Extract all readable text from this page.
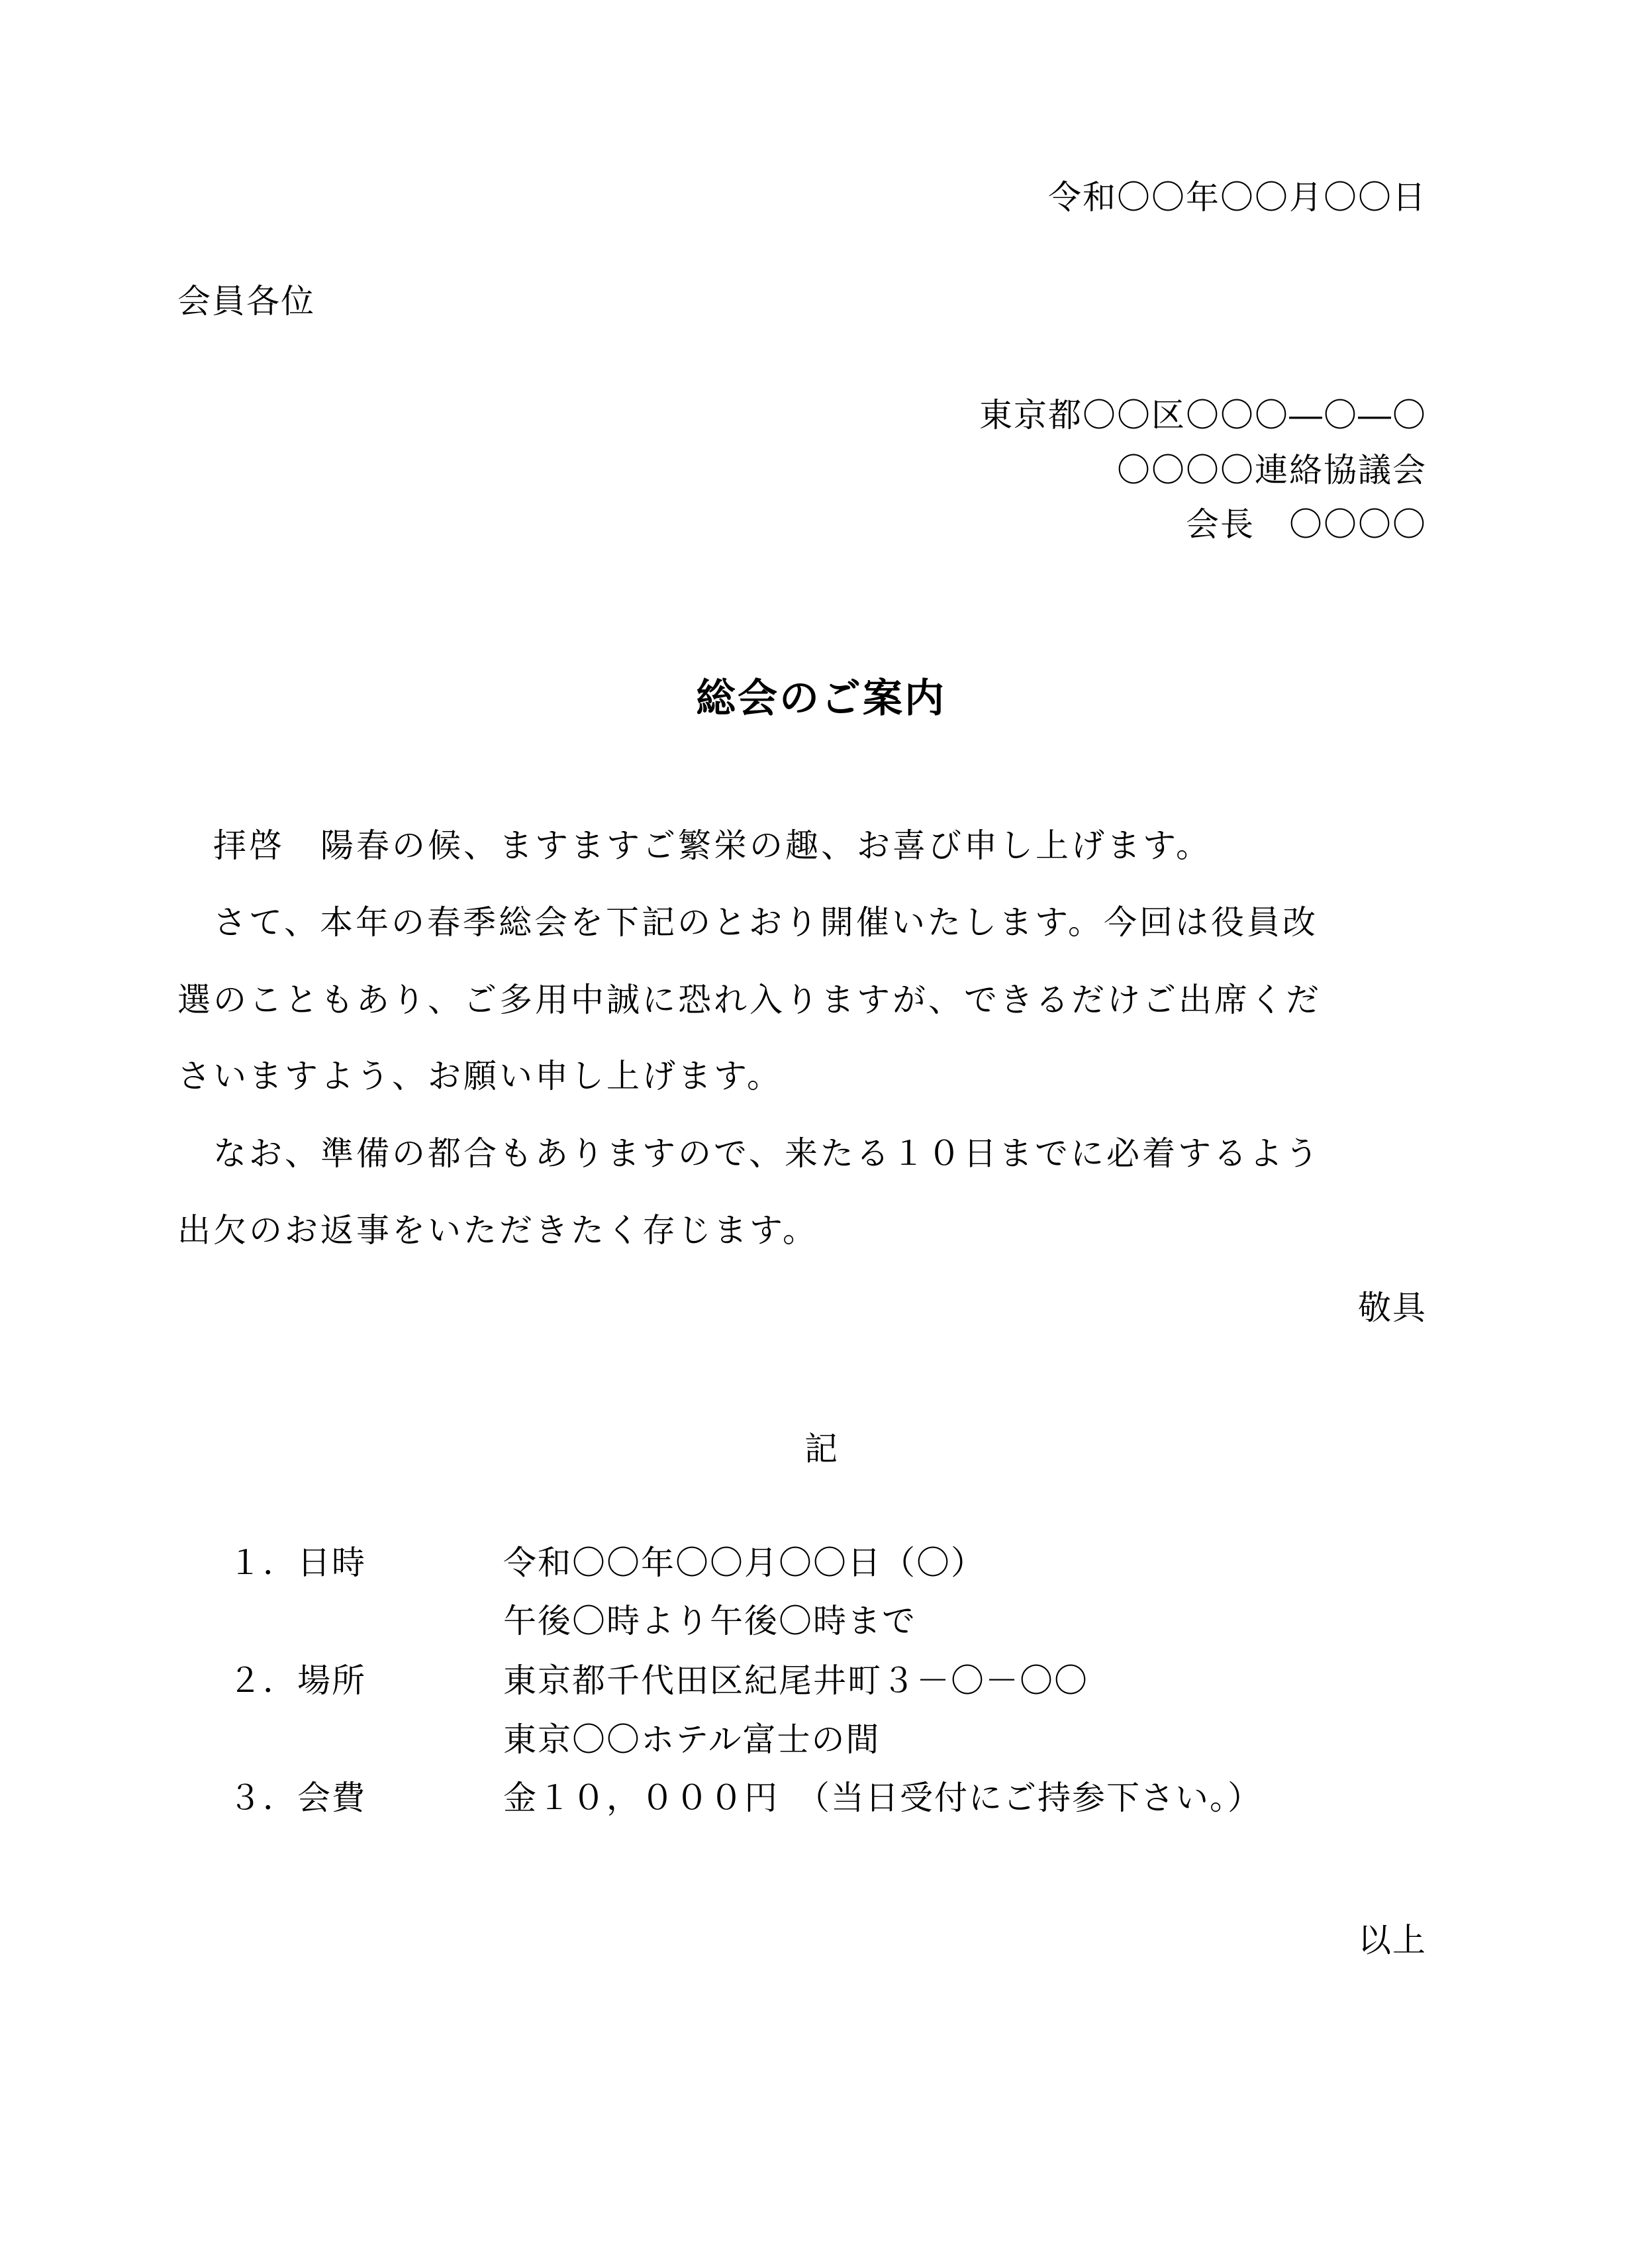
令和〇〇年〇〇月〇〇日
会員各位
東京都〇〇区〇〇〇―〇―〇
〇〇〇〇連絡協議会
会長　〇〇〇〇
総会のご案内
　拝啓　陽春の候、ますますご繁栄の趣、お喜び申し上げます。
　さて、本年の春季総会を下記のとおり開催いたします。今回は役員改
選のこともあり、ご多用中誠に恐れ入りますが、できるだけご出席くだ
さいますよう、お願い申し上げます。
　なお、準備の都合もありますので、来たる１０日までに必着するよう
出欠のお返事をいただきたく存じます。
敬具
記
１．日時	令和〇〇年〇〇月〇〇日（〇）
午後〇時より午後〇時まで
２．場所	東京都千代田区紀尾井町３－〇－〇〇
東京〇〇ホテル富士の間
３．会費	金１０，０００円　（当日受付にご持参下さい。）
以上
